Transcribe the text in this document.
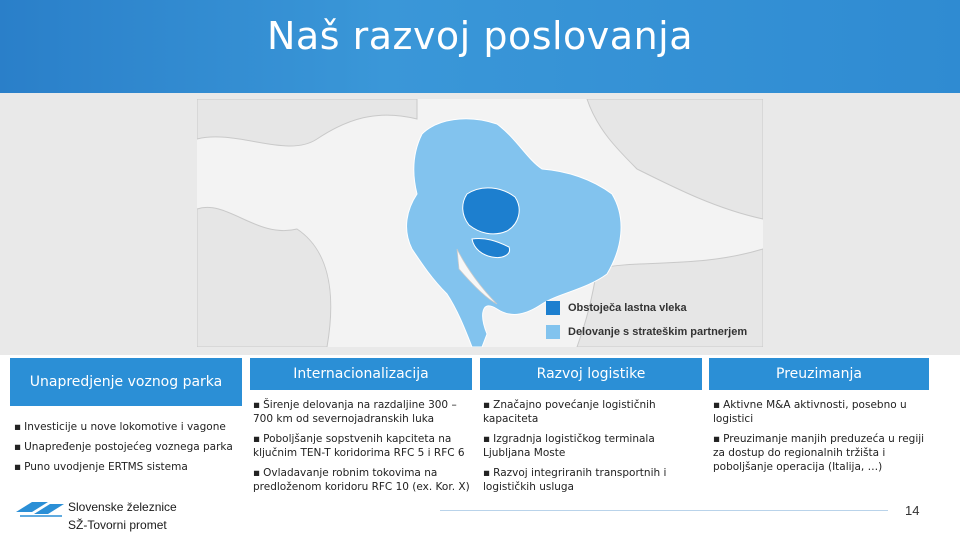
Naš razvoj poslovanja
Obstoječa lastna vleka
Delovanje s strateškim partnerjem
Unapredjenje voznog parka

▪ Investicije u nove lokomotive i vagone

▪ Unapređenje postojećeg voznega parka

▪ Puno uvodjenje ERTMS sistema

Internacionalizacija

▪ Širenje delovanja na razdaljine 300 – 700 km od severnojadranskih luka

▪ Poboljšanje sopstvenih kapciteta na ključnim TEN-T koridorima RFC 5 i RFC 6

▪ Ovladavanje robnim tokovima na predloženom koridoru RFC 10 (ex. Kor. X)

Razvoj logistike

▪ Značajno povećanje logističnih kapaciteta

▪ Izgradnja logističkog terminala Ljubljana Moste

▪ Razvoj integriranih transportnih i logističkih usluga

Preuzimanja

▪ Aktivne M&A aktivnosti, posebno u logistici

▪ Preuzimanje manjih preduzeća u regiji za dostup do regionalnih tržišta i poboljšanje operacija (Italija, …)

Slovenske železnice
SŽ-Tovorni promet
14
